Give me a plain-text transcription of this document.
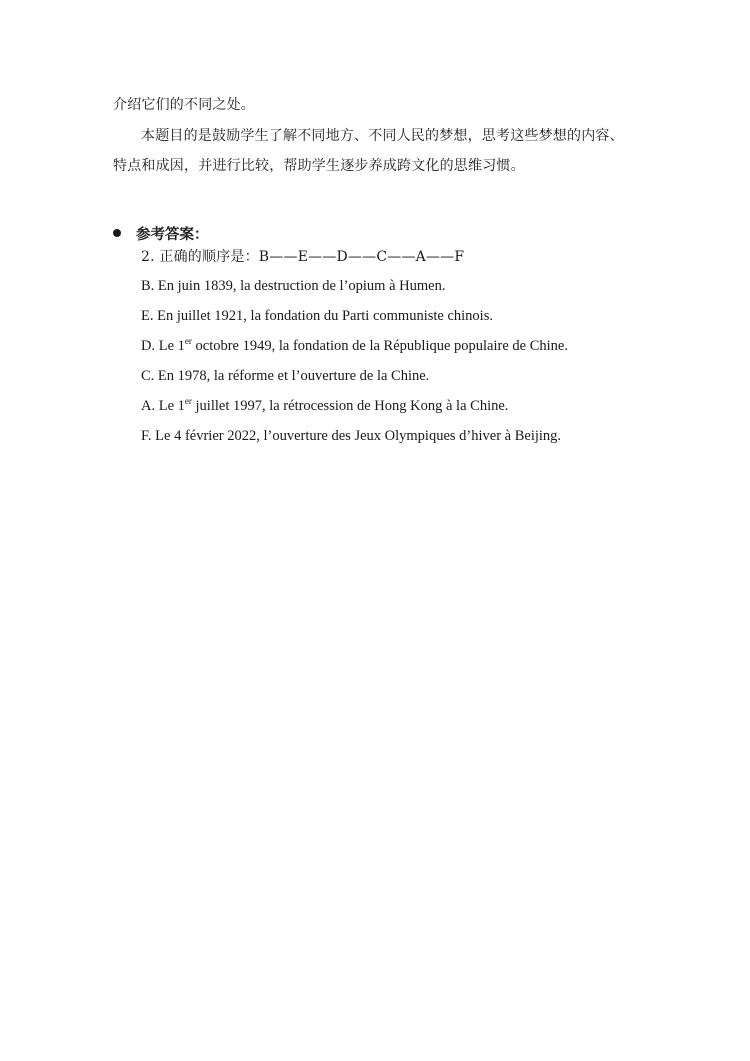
介绍它们的不同之处。
本题目的是鼓励学生了解不同地方、不同人民的梦想，思考这些梦想的内容、
特点和成因，并进行比较，帮助学生逐步养成跨文化的思维习惯。
参考答案：
2. 正确的顺序是：B——E——D——C——A——F
B. En juin 1839, la destruction de l’opium à Humen.
E. En juillet 1921, la fondation du Parti communiste chinois.
D. Le 1er octobre 1949, la fondation de la République populaire de Chine.
C. En 1978, la réforme et l’ouverture de la Chine.
A. Le 1er juillet 1997, la rétrocession de Hong Kong à la Chine.
F. Le 4 février 2022, l’ouverture des Jeux Olympiques d’hiver à Beijing.
